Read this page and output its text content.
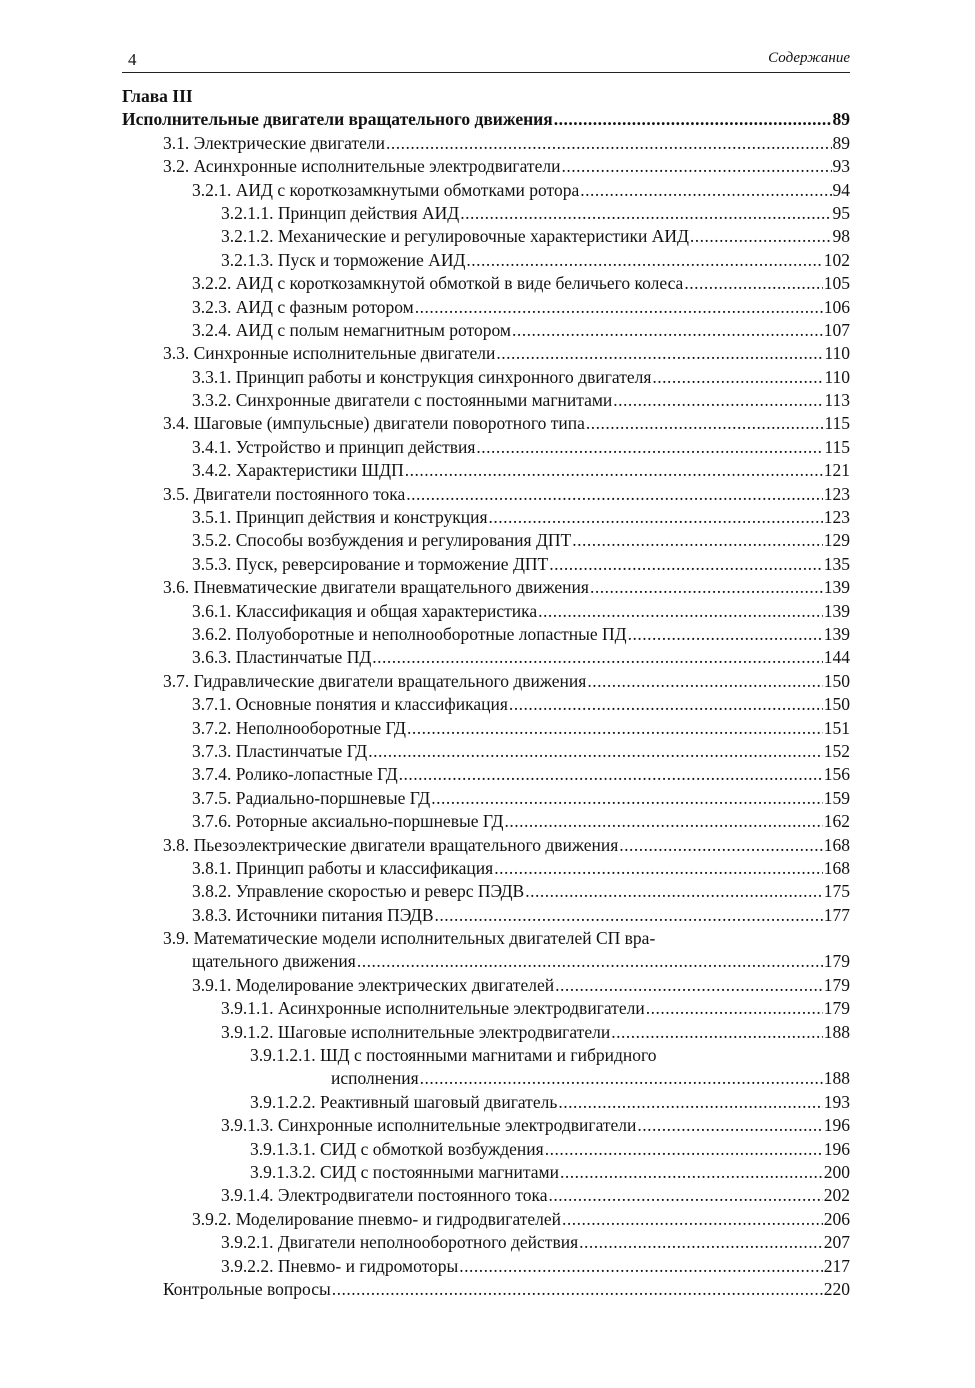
4	Содержание
Глава III
Исполнительные двигатели вращательного движения .....	89
3.1. Электрические двигатели .....	89
3.2. Асинхронные исполнительные электродвигатели .....	93
3.2.1. АИД с короткозамкнутыми обмотками ротора .....	94
3.2.1.1. Принцип действия АИД .....	95
3.2.1.2. Механические и регулировочные характеристики АИД .....	98
3.2.1.3. Пуск и торможение АИД .....	102
3.2.2. АИД с короткозамкнутой обмоткой в виде беличьего колеса .....	105
3.2.3. АИД с фазным ротором .....	106
3.2.4. АИД с полым немагнитным ротором .....	107
3.3. Синхронные исполнительные двигатели .....	110
3.3.1. Принцип работы и конструкция синхронного двигателя .....	110
3.3.2. Синхронные двигатели с постоянными магнитами .....	113
3.4. Шаговые (импульсные) двигатели поворотного типа .....	115
3.4.1. Устройство и принцип действия .....	115
3.4.2. Характеристики ШДП .....	121
3.5. Двигатели постоянного тока .....	123
3.5.1. Принцип действия и конструкция .....	123
3.5.2. Способы возбуждения и регулирования ДПТ .....	129
3.5.3. Пуск, реверсирование и торможение ДПТ .....	135
3.6. Пневматические двигатели вращательного движения .....	139
3.6.1. Классификация и общая характеристика .....	139
3.6.2. Полуоборотные и неполнооборотные лопастные ПД .....	139
3.6.3. Пластинчатые ПД .....	144
3.7. Гидравлические двигатели вращательного движения .....	150
3.7.1. Основные понятия и классификация .....	150
3.7.2. Неполнооборотные ГД .....	151
3.7.3. Пластинчатые ГД .....	152
3.7.4. Ролико-лопастные ГД .....	156
3.7.5. Радиально-поршневые ГД .....	159
3.7.6. Роторные аксиально-поршневые ГД .....	162
3.8. Пьезоэлектрические двигатели вращательного движения .....	168
3.8.1. Принцип работы и классификация .....	168
3.8.2. Управление скоростью и реверс ПЭДВ .....	175
3.8.3. Источники питания ПЭДВ .....	177
3.9. Математические модели исполнительных двигателей СП вра-
щательного движения .....	179
3.9.1. Моделирование электрических двигателей .....	179
3.9.1.1. Асинхронные исполнительные электродвигатели .....	179
3.9.1.2. Шаговые исполнительные электродвигатели .....	188
3.9.1.2.1. ШД с постоянными магнитами и гибридного
исполнения .....	188
3.9.1.2.2. Реактивный шаговый двигатель .....	193
3.9.1.3. Синхронные исполнительные электродвигатели .....	196
3.9.1.3.1. СИД с обмоткой возбуждения .....	196
3.9.1.3.2. СИД с постоянными магнитами .....	200
3.9.1.4. Электродвигатели постоянного тока .....	202
3.9.2. Моделирование пневмо- и гидродвигателей .....	206
3.9.2.1. Двигатели неполнооборотного действия .....	207
3.9.2.2. Пневмо- и гидромоторы .....	217
Контрольные вопросы .....	220
